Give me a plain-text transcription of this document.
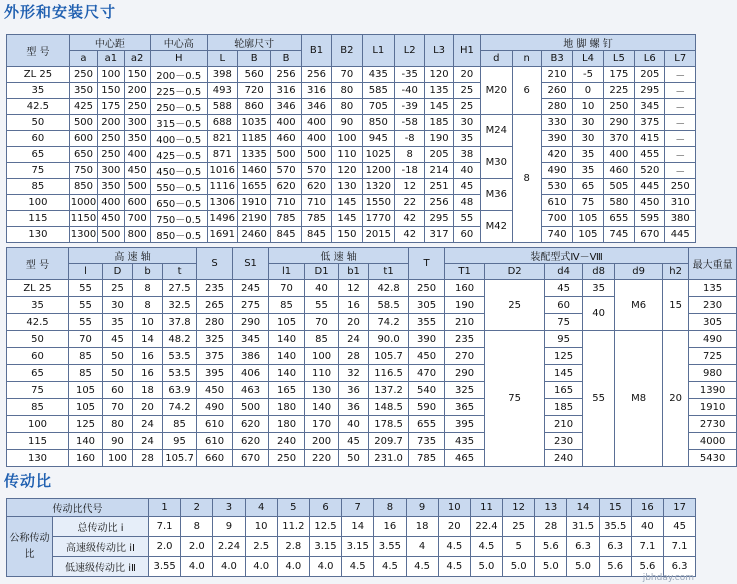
外形和安装尺寸
型 号	中心距			中心高	轮廓尺寸			B1	B2	L1	L2	L3	H1	地 脚 螺 钉						
	a	a1	a2	H	L	B	B							d	n	B3	L4	L5	L6	L7
ZL 25	250	100	150	200－0.5	398	560	256	256	70	435	-35	120	20	M20	6	210	-5	175	205	－
35	350	150	200	225－0.5	493	720	316	316	80	585	-40	135	25			260	0	225	295	－
42.5	425	175	250	250－0.5	588	860	346	346	80	705	-39	145	25			280	10	250	345	－
50	500	200	300	315－0.5	688	1035	400	400	90	850	-58	185	30	M24	8	330	30	290	375	－
60	600	250	350	400－0.5	821	1185	460	400	100	945	-8	190	35			390	30	370	415	－
65	650	250	400	425－0.5	871	1335	500	500	110	1025	8	205	38	M30		420	35	400	455	－
75	750	300	450	450－0.5	1016	1460	570	570	120	1200	-18	214	40			490	35	460	520	－
85	850	350	500	550－0.5	1116	1655	620	620	130	1320	12	251	45	M36		530	65	505	445	250
100	1000	400	600	650－0.5	1306	1910	710	710	145	1550	22	256	48			610	75	580	450	310
115	1150	450	700	750－0.5	1496	2190	785	785	145	1770	42	295	55	M42		700	105	655	595	380
130	1300	500	800	850－0.5	1691	2460	845	845	150	2015	42	317	60			740	105	745	670	445
型 号	高 速 轴				S	S1	低 速 轴				T	装配型式Ⅳ－Ⅷ						最大重量
	l	D	b	t			l1	D1	b1	t1		T1	D2	d4	d8	d9	h2	
ZL 25	55	25	8	27.5	235	245	70	40	12	42.8	250	160	25	45	35	M6	15	135
35	55	30	8	32.5	265	275	85	55	16	58.5	305	190		60	40			230
42.5	55	35	10	37.8	280	290	105	70	20	74.2	355	210		75				305
50	70	45	14	48.2	325	345	140	85	24	90.0	390	235	75	95	55	M8	20	490
60	85	50	16	53.5	375	386	140	100	28	105.7	450	270		125				725
65	85	50	16	53.5	395	406	140	110	32	116.5	470	290		145				980
75	105	60	18	63.9	450	463	165	130	36	137.2	540	325		165				1390
85	105	70	20	74.2	490	500	180	140	36	148.5	590	365		185				1910
100	125	80	24	85	610	620	180	170	40	178.5	655	395		210				2730
115	140	90	24	95	610	620	240	200	45	209.7	735	435		230				4000
130	160	100	28	105.7	660	670	250	220	50	231.0	785	465		240				5430
传动比
传动比代号		1	2	3	4	5	6	7	8	9	10	11	12	13	14	15	16	17
公称传动比	总传动比 i	7.1	8	9	10	11.2	12.5	14	16	18	20	22.4	25	28	31.5	35.5	40	45
	高速级传动比 iⅠ	2.0	2.0	2.24	2.5	2.8	3.15	3.15	3.55	4	4.5	4.5	5	5.6	6.3	6.3	7.1	7.1
	低速级传动比 iⅡ	3.55	4.0	4.0	4.0	4.0	4.0	4.5	4.5	4.5	4.5	5.0	5.0	5.0	5.0	5.6	5.6	6.3
jbhday.com
